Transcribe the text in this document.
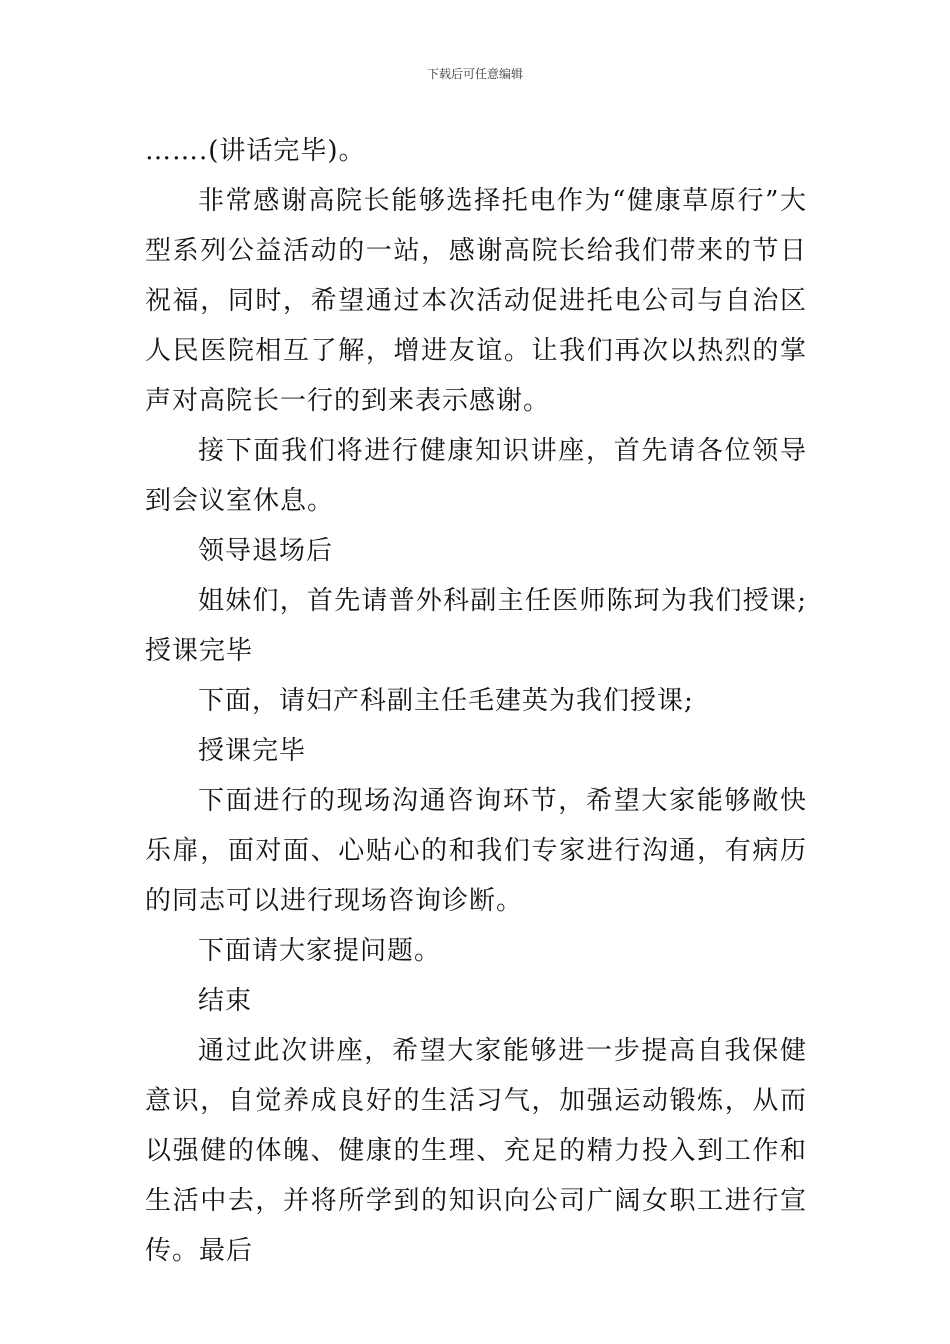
下载后可任意编辑

…….(讲话完毕)。

非常感谢高院长能够选择托电作为“健康草原行”大型系列公益活动的一站，感谢高院长给我们带来的节日祝福，同时，希望通过本次活动促进托电公司与自治区人民医院相互了解，增进友谊。让我们再次以热烈的掌声对高院长一行的到来表示感谢。

接下面我们将进行健康知识讲座，首先请各位领导到会议室休息。

领导退场后

姐妹们，首先请普外科副主任医师陈珂为我们授课;授课完毕

下面，请妇产科副主任毛建英为我们授课;

授课完毕

下面进行的现场沟通咨询环节，希望大家能够敞快乐扉，面对面、心贴心的和我们专家进行沟通，有病历的同志可以进行现场咨询诊断。

下面请大家提问题。

结束

通过此次讲座，希望大家能够进一步提高自我保健意识，自觉养成良好的生活习气，加强运动锻炼，从而以强健的体魄、健康的生理、充足的精力投入到工作和生活中去，并将所学到的知识向公司广阔女职工进行宣传。最后
